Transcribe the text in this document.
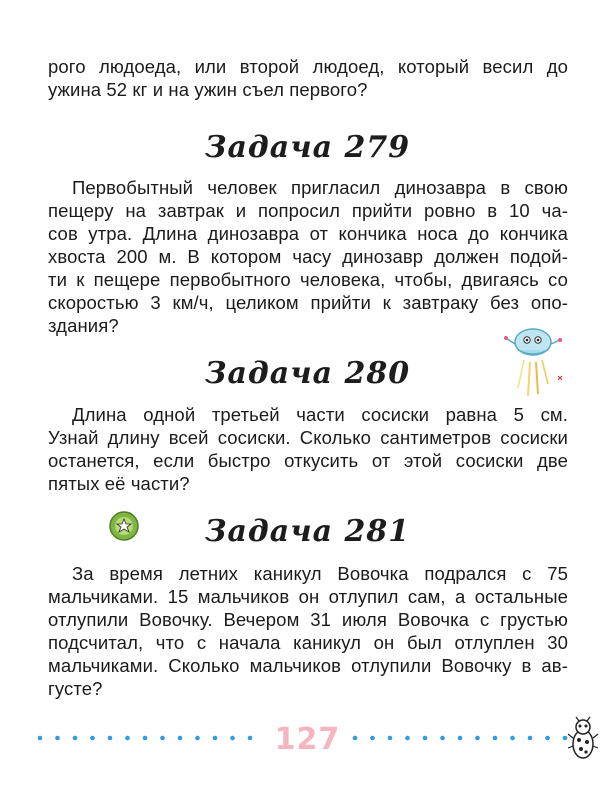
рого людоеда, или второй людоед, который весил до
ужина 52 кг и на ужин съел первого?
Задача 279
Первобытный человек пригласил динозавра в свою
пещеру на завтрак и попросил прийти ровно в 10 ча-
сов утра. Длина динозавра от кончика носа до кончика
хвоста 200 м. В котором часу динозавр должен подой-
ти к пещере первобытного человека, чтобы, двигаясь со
скоростью 3 км/ч, целиком прийти к завтраку без опо-
здания?
Задача 280
Длина одной третьей части сосиски равна 5 см.
Узнай длину всей сосиски. Сколько сантиметров сосиски
останется, если быстро откусить от этой сосиски две
пятых её части?
Задача 281
За время летних каникул Вовочка подрался с 75
мальчиками. 15 мальчиков он отлупил сам, а остальные
отлупили Вовочку. Вечером 31 июля Вовочка с грустью
подсчитал, что с начала каникул он был отлуплен 30
мальчиками. Сколько мальчиков отлупили Вовочку в ав-
густе?
127
